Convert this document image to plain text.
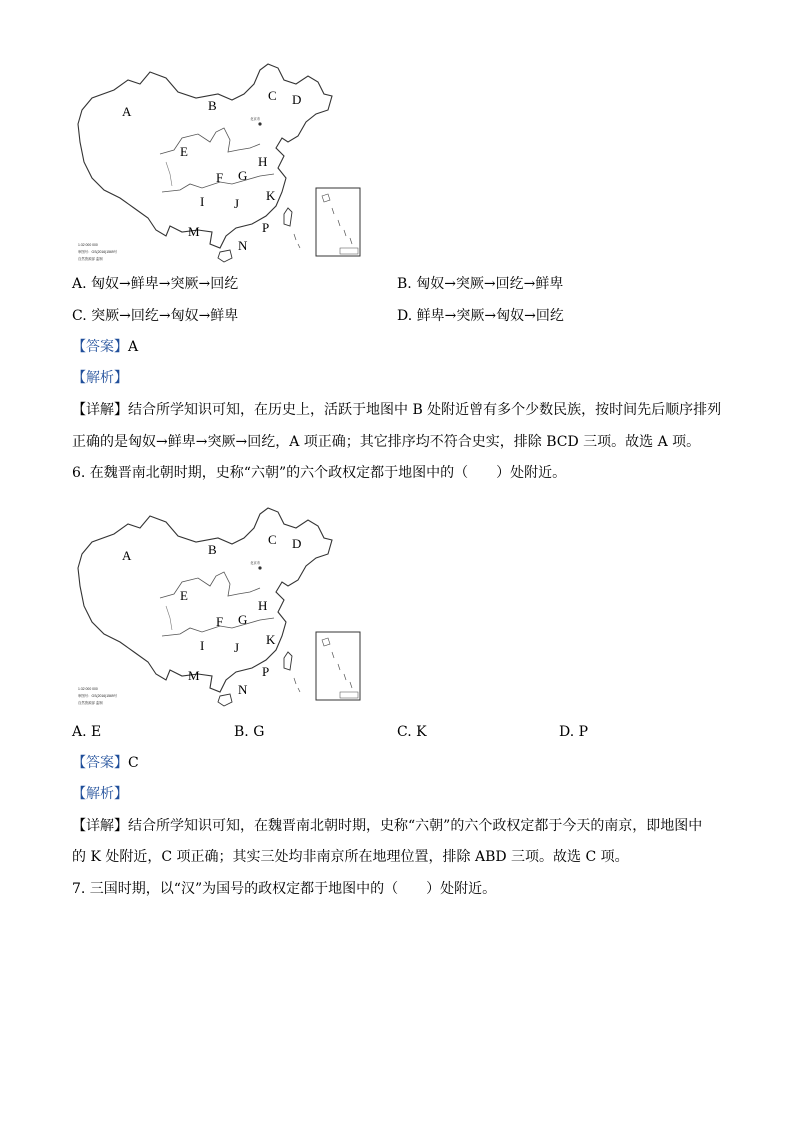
北京市
A	B
C D
E
F G
H
I J
K
M
N
P
1:32 000 000
审图号：GS(2016)1569号
自然资源部 监制
A. 匈奴→鲜卑→突厥→回纥	B. 匈奴→突厥→回纥→鲜卑
C. 突厥→回纥→匈奴→鲜卑	D. 鲜卑→突厥→匈奴→回纥
【答案】A
【解析】
【详解】结合所学知识可知，在历史上，活跃于地图中 B 处附近曾有多个少数民族，按时间先后顺序排列
正确的是匈奴→鲜卑→突厥→回纥，A 项正确；其它排序均不符合史实，排除 BCD 三项。故选 A 项。
6. 在魏晋南北朝时期，史称“六朝”的六个政权定都于地图中的（　　）处附近。
北京市
A	B
C D
E
F G
H
I J
K
M
N
P
1:32 000 000
审图号：GS(2016)1569号
自然资源部 监制
A. E	B. G	C. K	D. P
【答案】C
【解析】
【详解】结合所学知识可知，在魏晋南北朝时期，史称“六朝”的六个政权定都于今天的南京，即地图中
的 K 处附近，C 项正确；其实三处均非南京所在地理位置，排除 ABD 三项。故选 C 项。
7. 三国时期，以“汉”为国号的政权定都于地图中的（　　）处附近。
